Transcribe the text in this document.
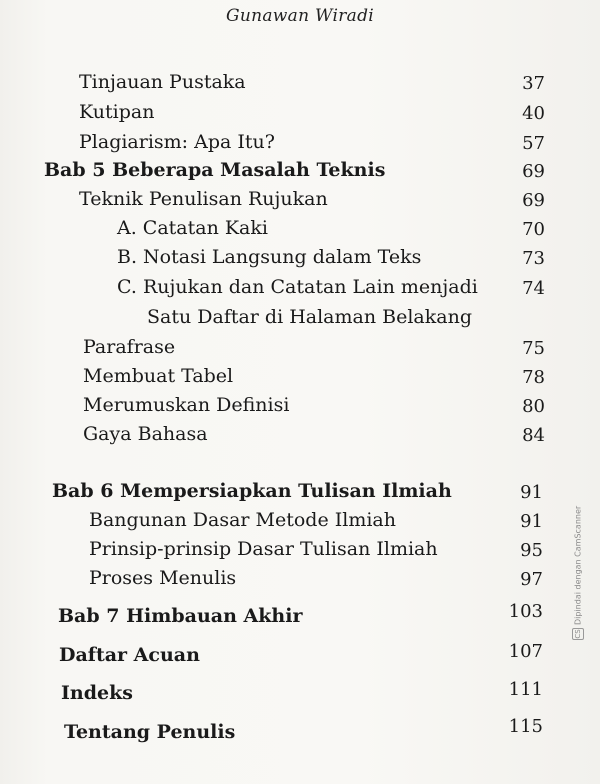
Gunawan Wiradi
Tinjauan Pustaka	37
Kutipan	40
Plagiarism: Apa Itu?	57
Bab 5 Beberapa Masalah Teknis	69
Teknik Penulisan Rujukan	69
A. Catatan Kaki	70
B. Notasi Langsung dalam Teks	73
C. Rujukan dan Catatan Lain menjadi	74
Satu Daftar di Halaman Belakang
Parafrase	75
Membuat Tabel	78
Merumuskan Definisi	80
Gaya Bahasa	84
Bab 6 Mempersiapkan Tulisan Ilmiah	91
Bangunan Dasar Metode Ilmiah	91
Prinsip-prinsip Dasar Tulisan Ilmiah	95
Proses Menulis	97
Bab 7 Himbauan Akhir	103
Daftar Acuan	107
Indeks	111
Tentang Penulis	115
CSDipindai dengan CamScanner
